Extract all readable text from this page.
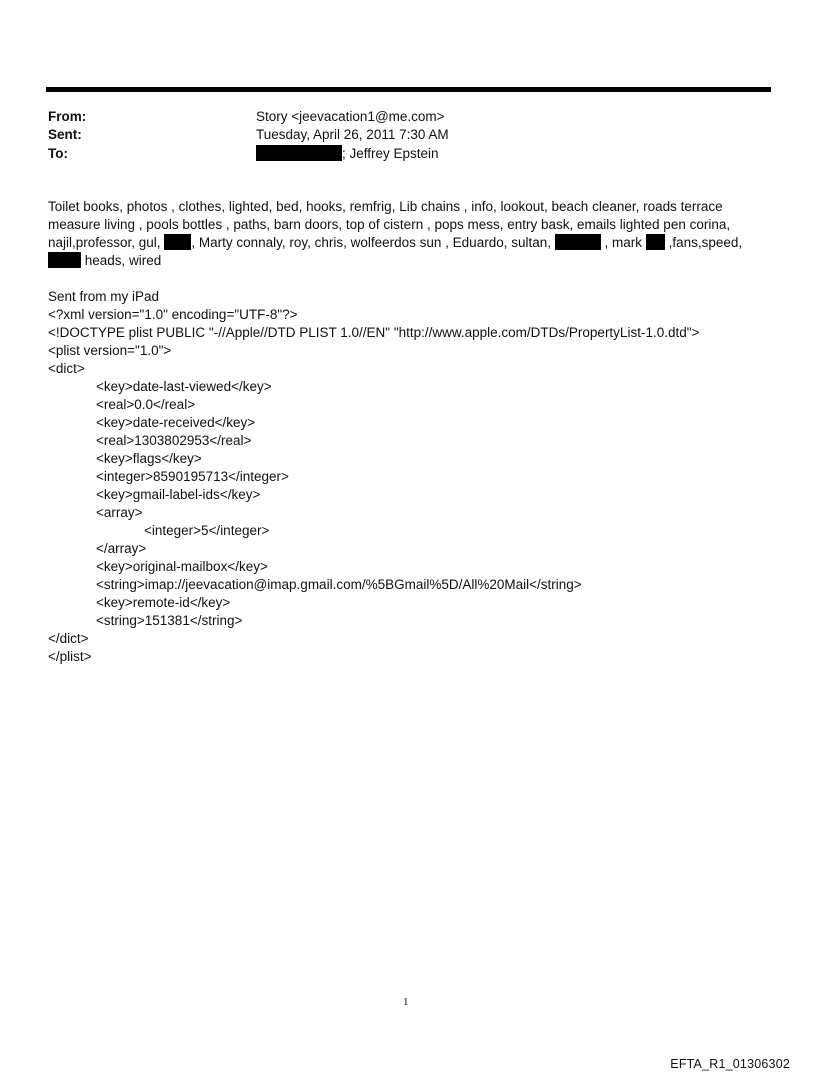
From:	Story <jeevacation1@me.com>
Sent:	Tuesday, April 26, 2011 7:30 AM
To:	; Jeffrey Epstein
Toilet books, photos , clothes, lighted, bed, hooks, remfrig, Lib chains , info, lookout, beach cleaner, roads terrace
measure living , pools bottles , paths, barn doors, top of cistern , pops mess, entry bask, emails lighted pen corina,
najil,professor, gul, , Marty connaly, roy, chris, wolfeerdos sun , Eduardo, sultan,	, mark ,fans,speed,
heads, wired
Sent from my iPad
<?xml version="1.0" encoding="UTF-8"?>
<!DOCTYPE plist PUBLIC "-//Apple//DTD PLIST 1.0//EN" "http://www.apple.com/DTDs/PropertyList-1.0.dtd">
<plist version="1.0">
<dict>
<key>date-last-viewed</key>
<real>0.0</real>
<key>date-received</key>
<real>1303802953</real>
<key>flags</key>
<integer>8590195713</integer>
<key>gmail-label-ids</key>
<array>
<integer>5</integer>
</array>
<key>original-mailbox</key>
<string>imap://jeevacation@imap.gmail.com/%5BGmail%5D/All%20Mail</string>
<key>remote-id</key>
<string>151381</string>
</dict>
</plist>
1
EFTA_R1_01306302
